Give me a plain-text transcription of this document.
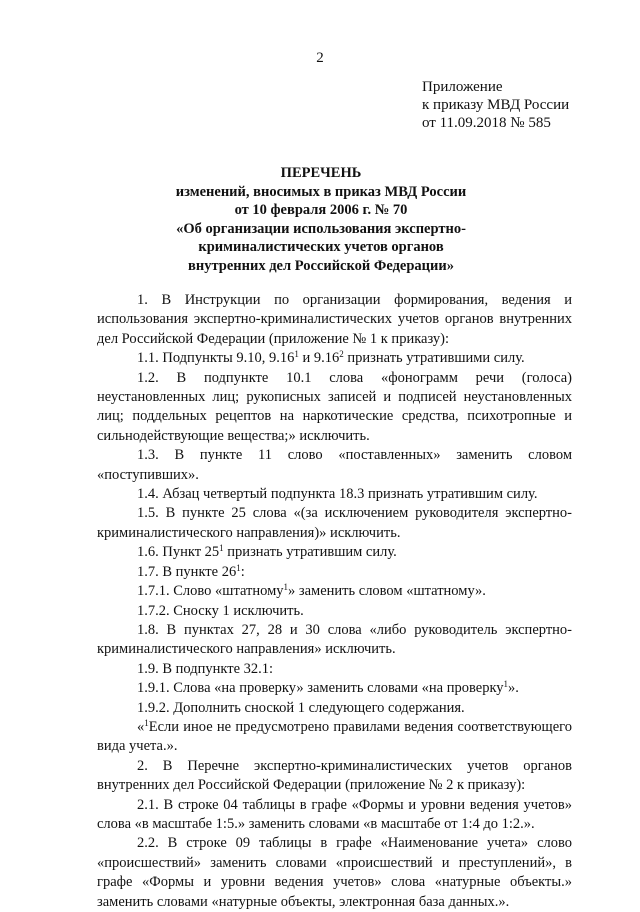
2
Приложение
к приказу МВД России
от 11.09.2018 № 585
ПЕРЕЧЕНЬ
изменений, вносимых в приказ МВД России
от 10 февраля 2006 г. № 70
«Об организации использования экспертно-
криминалистических учетов органов
внутренних дел Российской Федерации»

1. В Инструкции по организации формирования, ведения и использования экспертно-криминалистических учетов органов внутренних дел Российской Федерации (приложение № 1 к приказу):

1.1. Подпункты 9.10, 9.16$^1$ и 9.16$^2$ признать утратившими силу.

1.2. В подпункте 10.1 слова «фонограмм речи (голоса) неустановленных лиц; рукописных записей и подписей неустановленных лиц; поддельных рецептов на наркотические средства, психотропные и сильнодействующие вещества;» исключить.

1.3. В пункте 11 слово «поставленных» заменить словом «поступивших».

1.4. Абзац четвертый подпункта 18.3 признать утратившим силу.

1.5. В пункте 25 слова «(за исключением руководителя экспертно-криминалистического направления)» исключить.

1.6. Пункт $25^1$ признать утратившим силу.

1.7. В пункте $26^1$:

1.7.1. Слово «штатному$^1$» заменить словом «штатному».

1.7.2. Сноску 1 исключить.

1.8. В пунктах 27, 28 и 30 слова «либо руководитель экспертно-криминалистического направления» исключить.

1.9. В подпункте 32.1:

1.9.1. Слова «на проверку» заменить словами «на проверку$^1$».

1.9.2. Дополнить сноской 1 следующего содержания.

«$^1$Если иное не предусмотрено правилами ведения соответствующего вида учета.».

2. В Перечне экспертно-криминалистических учетов органов внутренних дел Российской Федерации (приложение № 2 к приказу):

2.1. В строке 04 таблицы в графе «Формы и уровни ведения учетов» слова «в масштабе 1:5.» заменить словами «в масштабе от 1:4 до 1:2.».

2.2. В строке 09 таблицы в графе «Наименование учета» слово «происшествий» заменить словами «происшествий и преступлений», в графе «Формы и уровни ведения учетов» слова «натурные объекты.» заменить словами «натурные объекты, электронная база данных.».
